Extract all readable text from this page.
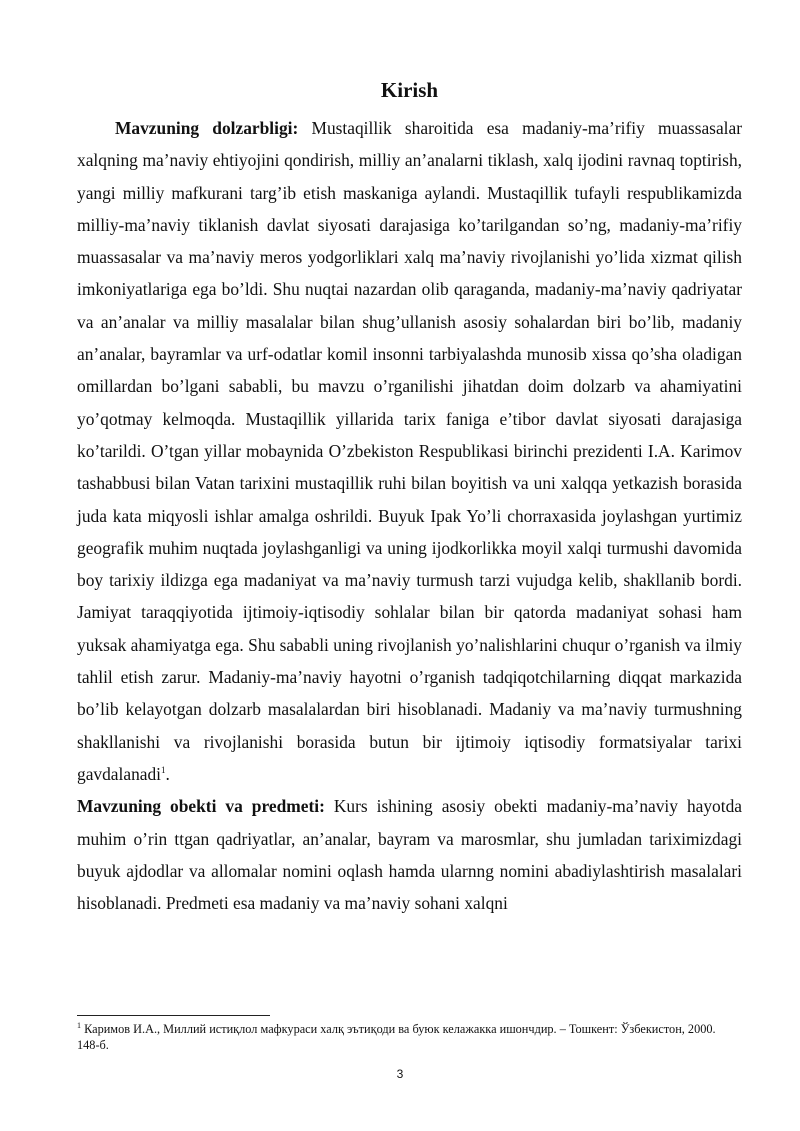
Kirish

Mavzuning dolzarbligi: Mustaqillik sharoitida esa madaniy-ma’rifiy muassasalar xalqning ma’naviy ehtiyojini qondirish, milliy an’analarni tiklash, xalq ijodini ravnaq toptirish, yangi milliy mafkurani targ’ib etish maskaniga aylandi. Mustaqillik tufayli respublikamizda milliy-ma’naviy tiklanish davlat siyosati darajasiga ko’tarilgandan so’ng, madaniy-ma’rifiy muassasalar va ma’naviy meros yodgorliklari xalq ma’naviy rivojlanishi yo’lida xizmat qilish imkoniyatlariga ega bo’ldi. Shu nuqtai nazardan olib qaraganda, madaniy-ma’naviy qadriyatar va an’analar va milliy masalalar bilan shug’ullanish asosiy sohalardan biri bo’lib, madaniy an’analar, bayramlar va urf-odatlar komil insonni tarbiyalashda munosib xissa qo’sha oladigan omillardan bo’lgani sababli, bu mavzu o’rganilishi jihatdan doim dolzarb va ahamiyatini yo’qotmay kelmoqda. Mustaqillik yillarida tarix faniga e’tibor davlat siyosati darajasiga ko’tarildi. O’tgan yillar mobaynida O’zbekiston Respublikasi birinchi prezidenti I.A. Karimov tashabbusi bilan Vatan tarixini mustaqillik ruhi bilan boyitish va uni xalqqa yetkazish borasida juda kata miqyosli ishlar amalga oshrildi. Buyuk Ipak Yo’li chorraxasida joylashgan yurtimiz geografik muhim nuqtada joylashganligi va uning ijodkorlikka moyil xalqi turmushi davomida boy tarixiy ildizga ega madaniyat va ma’naviy turmush tarzi vujudga kelib, shakllanib bordi. Jamiyat taraqqiyotida ijtimoiy-iqtisodiy sohlalar bilan bir qatorda madaniyat sohasi ham yuksak ahamiyatga ega. Shu sababli uning rivojlanish yo’nalishlarini chuqur o’rganish va ilmiy tahlil etish zarur. Madaniy-ma’naviy hayotni o’rganish tadqiqotchilarning diqqat markazida bo’lib kelayotgan dolzarb masalalardan biri hisoblanadi. Madaniy va ma’naviy turmushning shakllanishi va rivojlanishi borasida butun bir ijtimoiy iqtisodiy formatsiyalar tarixi gavdalanadi$^1$.

Mavzuning obekti va predmeti: Kurs ishining asosiy obekti madaniy-ma’naviy hayotda muhim o’rin ttgan qadriyatlar, an’analar, bayram va marosmlar, shu jumladan tariximizdagi buyuk ajdodlar va allomalar nomini oqlash hamda ularnng nomini abadiylashtirish masalalari hisoblanadi. Predmeti esa madaniy va ma’naviy sohani xalqni

$^1$ Каримов И.А., Миллий истиқлол мафкураси халқ эътиқоди ва буюк келажакка ишончдир. – Тошкент: Ўзбекистон, 2000. 148-б.
3
